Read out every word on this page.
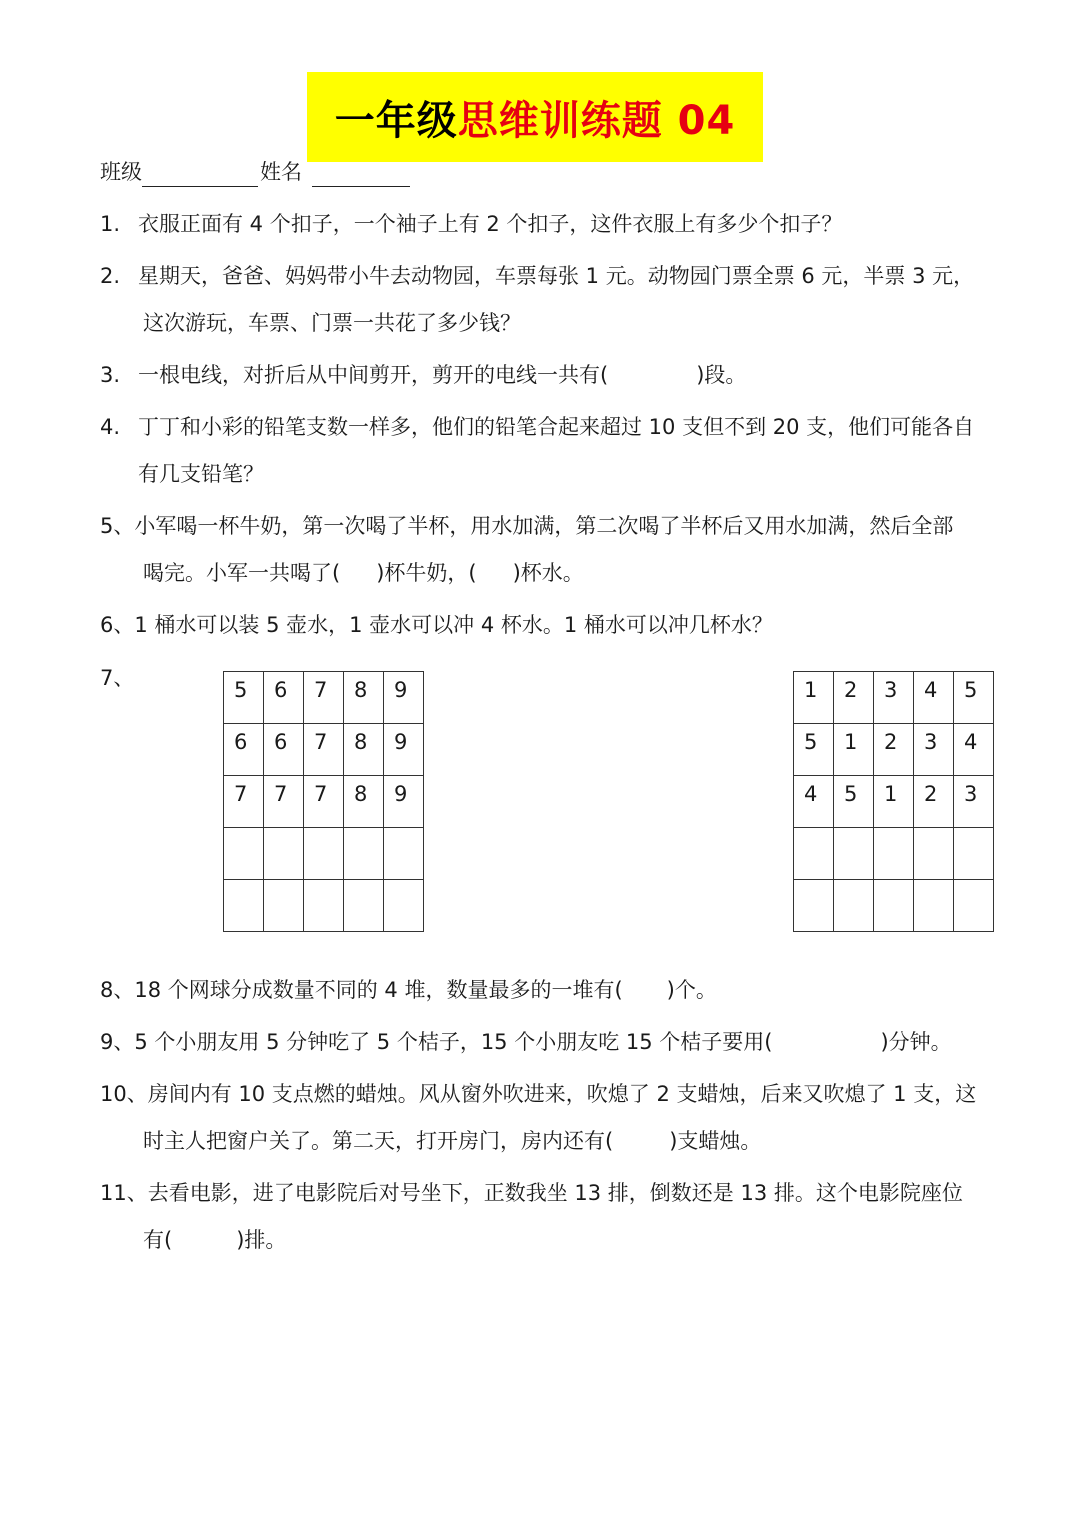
一年级 思维训练题 04
班级	姓名
1. 衣服正面有 4 个扣子，一个袖子上有 2 个扣子，这件衣服上有多少个扣子？
2. 星期天，爸爸、妈妈带小牛去动物园，车票每张 1 元。动物园门票全票 6 元，半票 3 元，
这次游玩，车票、门票一共花了多少钱？
3. 一根电线，对折后从中间剪开，剪开的电线一共有(	)段。
4. 丁丁和小彩的铅笔支数一样多，他们的铅笔合起来超过 10 支但不到 20 支，他们可能各自
有几支铅笔？
5、小军喝一杯牛奶，第一次喝了半杯，用水加满，第二次喝了半杯后又用水加满，然后全部
喝完。小军一共喝了( )杯牛奶，( )杯水。
6、1 桶水可以装 5 壶水，1 壶水可以冲 4 杯水。1 桶水可以冲几杯水？
7、	5	6	7	8	9
6	6	7	8	9
7	7	7	8	9

1	2	3	4	5
5	1	2	3	4
4	5	1	2	3

8、18 个网球分成数量不同的 4 堆，数量最多的一堆有( )个。
9、5 个小朋友用 5 分钟吃了 5 个桔子，15 个小朋友吃 15 个桔子要用(	)分钟。
10、房间内有 10 支点燃的蜡烛。风从窗外吹进来，吹熄了 2 支蜡烛，后来又吹熄了 1 支，这
时主人把窗户关了。第二天，打开房门，房内还有(	)支蜡烛。
11、去看电影，进了电影院后对号坐下，正数我坐 13 排，倒数还是 13 排。这个电影院座位
有(	)排。
